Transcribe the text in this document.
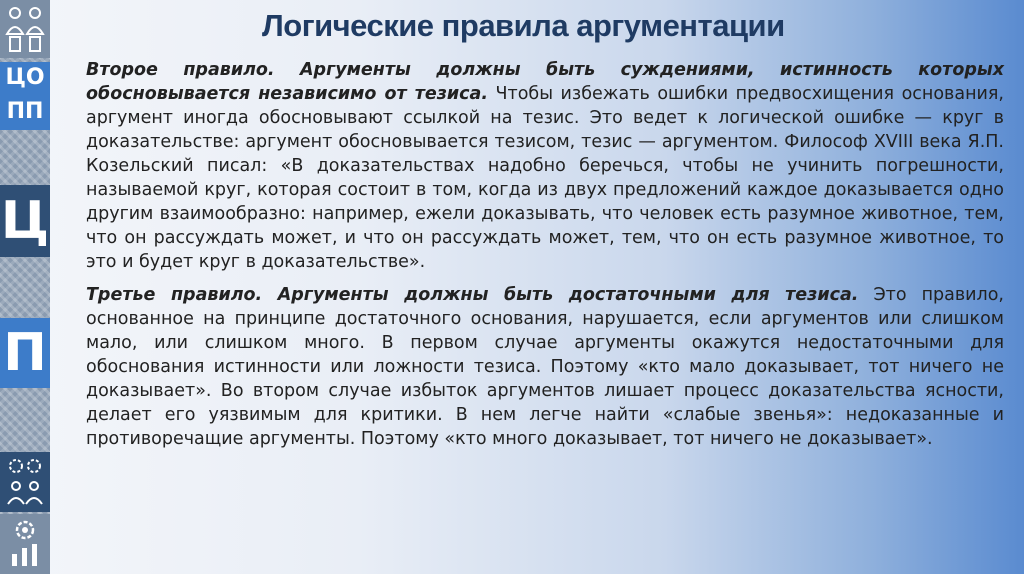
ЦО
ПП
Ц
П
Логические правила аргументации

Второе правило. Аргументы должны быть суждениями, истинность которых обосновывается независимо от тезиса. Чтобы избежать ошибки предвосхищения основания, аргумент иногда обосновывают ссылкой на тезис. Это ведет к логической ошибке — круг в доказательстве: аргумент обосновывается тезисом, тезис — аргументом. Философ XVIII века Я.П. Козельский писал: «В доказательствах надобно беречься, чтобы не учинить погрешности, называемой круг, которая состоит в том, когда из двух предложений каждое доказывается одно другим взаимообразно: например, ежели доказывать, что человек есть разумное животное, тем, что он рассуждать может, и что он рассуждать может, тем, что он есть разумное животное, то это и будет круг в доказательстве».

Третье правило. Аргументы должны быть достаточными для тезиса. Это правило, основанное на принципе достаточного основания, нарушается, если аргументов или слишком мало, или слишком много. В первом случае аргументы окажутся недостаточными для обоснования истинности или ложности тезиса. Поэтому «кто мало доказывает, тот ничего не доказывает». Во втором случае избыток аргументов лишает процесс доказательства ясности, делает его уязвимым для критики. В нем легче найти «слабые звенья»: недоказанные и противоречащие аргументы. Поэтому «кто много доказывает, тот ничего не доказывает».
